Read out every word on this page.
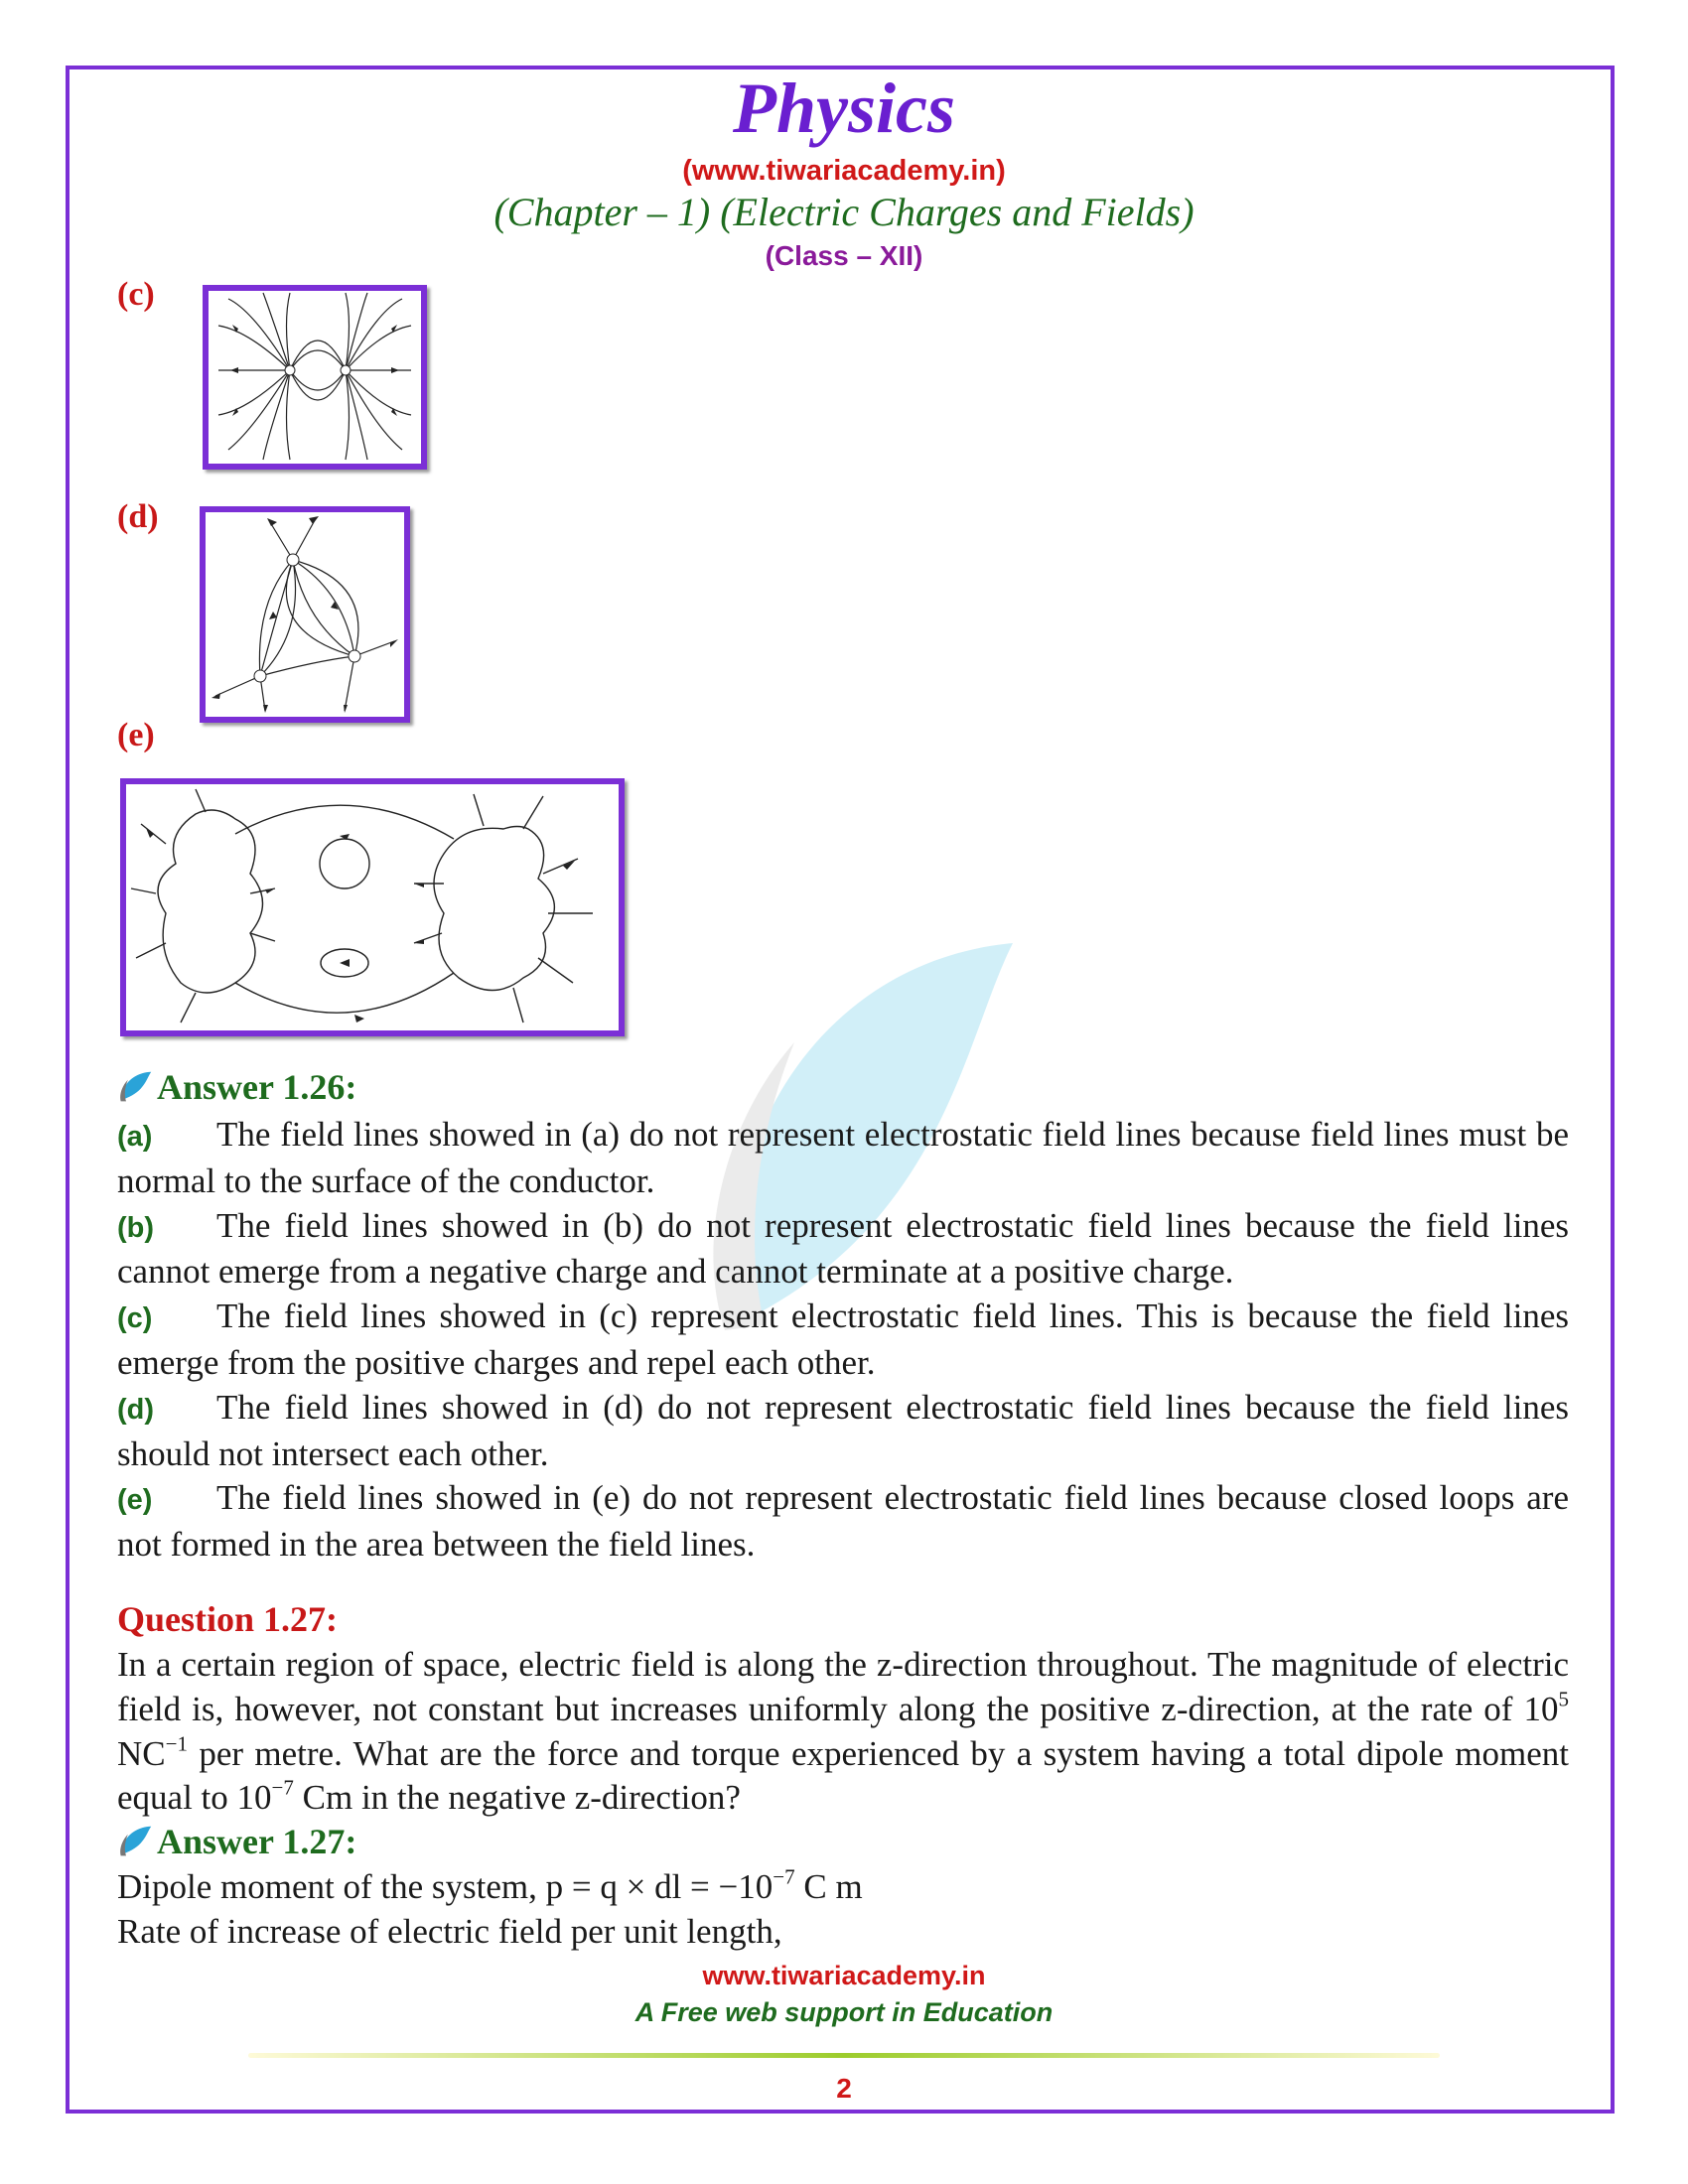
Physics
(www.tiwariacademy.in)
(Chapter – 1) (Electric Charges and Fields)
(Class – XII)
(c)
(d)
(e)
Answer 1.26:

(a) The field lines showed in (a) do not represent electrostatic field lines because field lines must be normal to the surface of the conductor.

(b) The field lines showed in (b) do not represent electrostatic field lines because the field lines cannot emerge from a negative charge and cannot terminate at a positive charge.

(c) The field lines showed in (c) represent electrostatic field lines. This is because the field lines emerge from the positive charges and repel each other.

(d) The field lines showed in (d) do not represent electrostatic field lines because the field lines should not intersect each other.

(e) The field lines showed in (e) do not represent electrostatic field lines because closed loops are not formed in the area between the field lines.

Question 1.27:

In a certain region of space, electric field is along the z-direction throughout. The magnitude of electric field is, however, not constant but increases uniformly along the positive z-direction, at the rate of $10^5$ $NC^{-1}$ per metre. What are the force and torque experienced by a system having a total dipole moment equal to $10^{-7}$ Cm in the negative z-direction?

Answer 1.27:

Dipole moment of the system, p = q × dl = $-10^{-7}$ C m

Rate of increase of electric field per unit length,

www.tiwariacademy.in
A Free web support in Education
2
